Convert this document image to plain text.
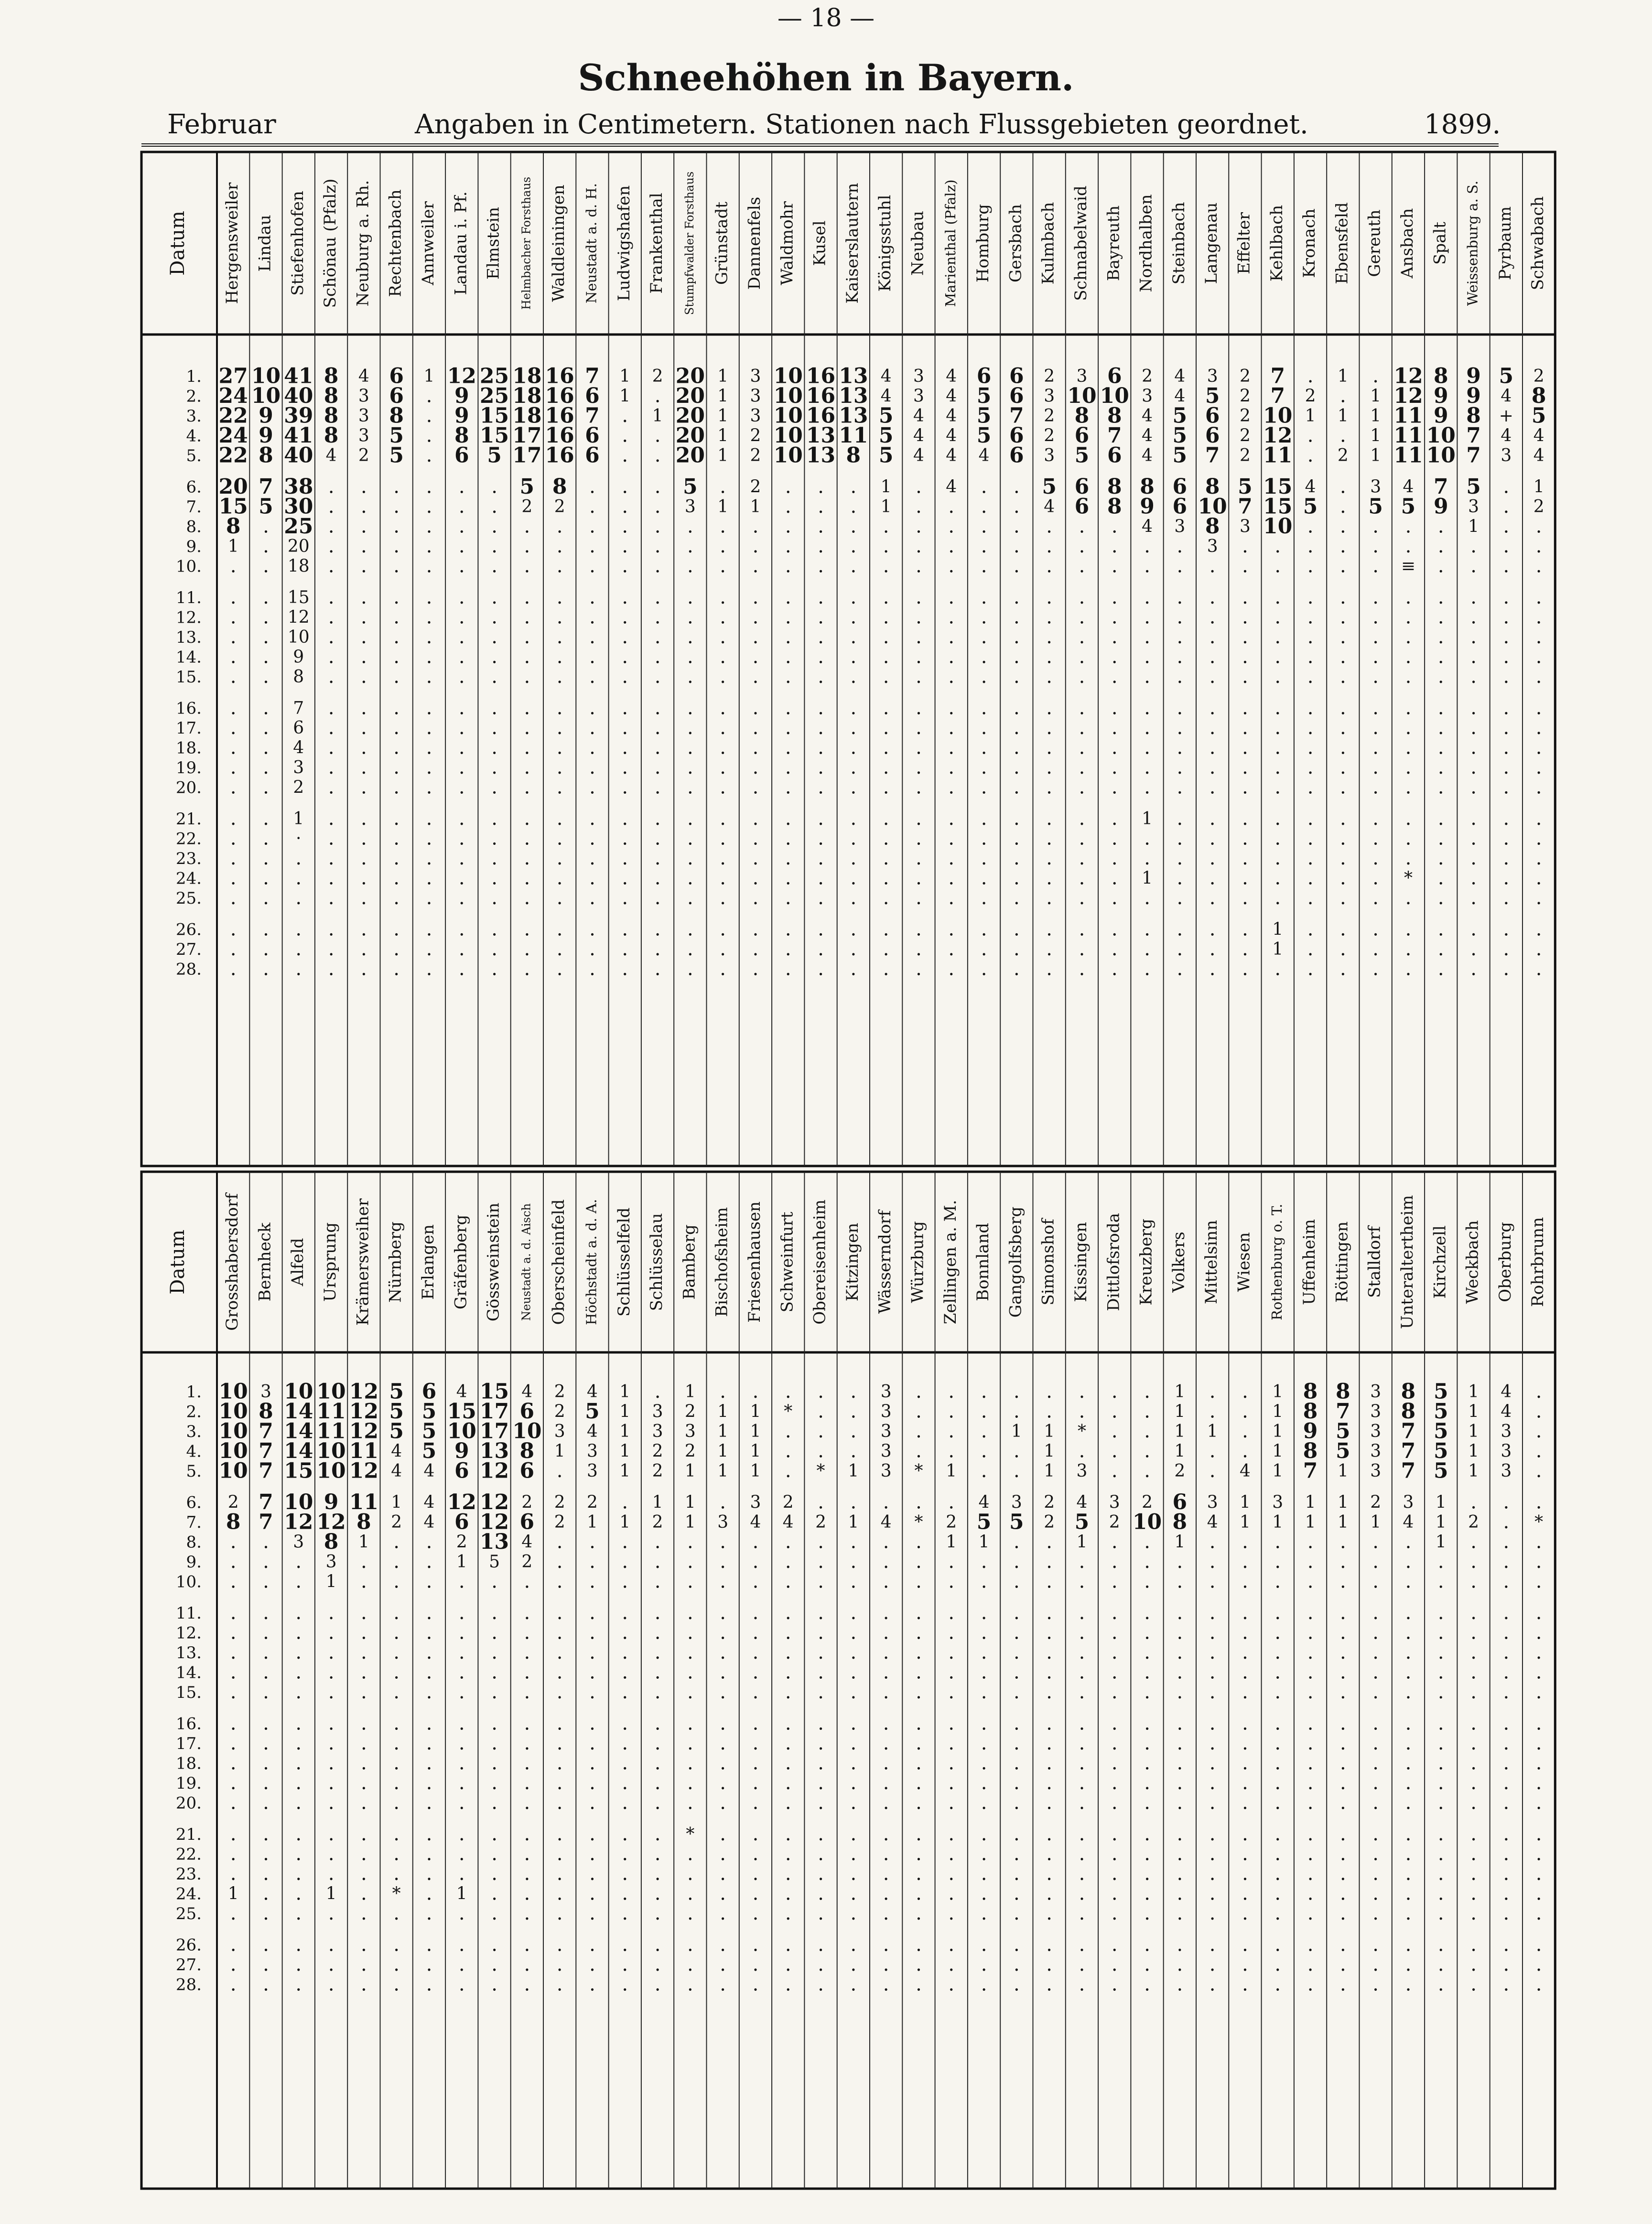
— 18 —
Schneehöhen in Bayern.
Februar	Angaben in Centimetern. Stationen nach Flussgebieten geordnet.	1899.
Datum Hergensweiler Lindau Stiefenhofen Schönau (Pfalz) Neuburg a. Rh. Rechtenbach Annweiler Landau i. Pf. Elmstein Helmbacher Forsthaus Waldleiningen Neustadt a. d. H. Ludwigshafen Frankenthal Stumpfwalder Forsthaus Grünstadt Dannenfels Waldmohr Kusel Kaiserslautern Königsstuhl Neubau Marienthal (Pfalz) Homburg Gersbach Kulmbach Schnabelwaid Bayreuth Nordhalben Steinbach Langenau Effelter Kehlbach Kronach Ebensfeld Gereuth Ansbach Spalt Weissenburg a. S. Pyrbaum Schwabach
1. 27 10 41 8 4 6 1 12 25 18 16 7 1 2 20 1 3 10 16 13 4 3 4 6 6 2 3 6 2 4 3 2 7 . 1 . 12 8 9 5 2
2. 24 10 40 8 3 6 . 9 25 18 16 6 1 . 20 1 3 10 16 13 4 3 4 5 6 3 10 10 3 4 5 2 7 2 . 1 12 9 9 4 8
3. 22 9 39 8 3 8 . 9 15 18 16 7 . 1 20 1 3 10 16 13 5 4 4 5 7 2 8 8 4 5 6 2 10 1 1 1 11 9 8 + 5
4. 24 9 41 8 3 5 . 8 15 17 16 6 . . 20 1 2 10 13 11 5 4 4 5 6 2 6 7 4 5 6 2 12 . . 1 11 10 7 4 4
5. 22 8 40 4 2 5 . 6 5 17 16 6 . . 20 1 2 10 13 8 5 4 4 4 6 3 5 6 4 5 7 2 11 . 2 1 11 10 7 3 4
6. 20 7 38 . . . . . . 5 8 . . . 5 . 2 . . . 1 . 4 . . 5 6 8 8 6 8 5 15 4 . 3 4 7 5 . 1
7. 15 5 30 . . . . . . 2 2 . . . 3 1 1 . . . 1 . . . . 4 6 8 9 6 10 7 15 5 . 5 5 9 3 . 2
8. 8 . 25 . . . . . . . . . . . . . . . . . . . . . . . . . 4 3 8 3 10 . . . . . 1 . .
9. 1 . 20 . . . . . . . . . . . . . . . . . . . . . . . . . . . 3 . . . . . . . . . .
10. . . 18 . . . . . . . . . . . . . . . . . . . . . . . . . . . . . . . . . ≡ . . . .
11. . . 15 . . . . . . . . . . . . . . . . . . . . . . . . . . . . . . . . . . . . . .
12. . . 12 . . . . . . . . . . . . . . . . . . . . . . . . . . . . . . . . . . . . . .
13. . . 10 . . . . . . . . . . . . . . . . . . . . . . . . . . . . . . . . . . . . . .
14. . . 9 . . . . . . . . . . . . . . . . . . . . . . . . . . . . . . . . . . . . . .
15. . . 8 . . . . . . . . . . . . . . . . . . . . . . . . . . . . . . . . . . . . . .
16. . . 7 . . . . . . . . . . . . . . . . . . . . . . . . . . . . . . . . . . . . . .
17. . . 6 . . . . . . . . . . . . . . . . . . . . . . . . . . . . . . . . . . . . . .
18. . . 4 . . . . . . . . . . . . . . . . . . . . . . . . . . . . . . . . . . . . . .
19. . . 3 . . . . . . . . . . . . . . . . . . . . . . . . . . . . . . . . . . . . . .
20. . . 2 . . . . . . . . . . . . . . . . . . . . . . . . . . . . . . . . . . . . . .
21. . . 1 . . . . . . . . . . . . . . . . . . . . . . . . . 1 . . . . . . . . . . . .
22. . . · . . . . . . . . . . . . . . . . . . . . . . . . . . . . . . . . . . . . . .
23. . . . . . . . . . . . . . . . . . . . . . . . . . . . . . . . . . . . . . . . . .
24. . . . . . . . . . . . . . . . . . . . . . . . . . . . . 1 . . . . . . . * . . . .
25. . . . . . . . . . . . . . . . . . . . . . . . . . . . . . . . . . . . . . . . . .
26. . . . . . . . . . . . . . . . . . . . . . . . . . . . . . . . . 1 . . . . . . . .
27. . . . . . . . . . . . . . . . . . . . . . . . . . . . . . . . . 1 . . . . . . . .
28. . . . . . . . . . . . . . . . . . . . . . . . . . . . . . . . . . . . . . . . . .
Datum Grosshabersdorf Bernheck Alfeld Ursprung Krämersweiher Nürnberg Erlangen Gräfenberg Gössweinstein Neustadt a. d. Aisch Oberscheinfeld Höchstadt a. d. A. Schlüsselfeld Schlüsselau Bamberg Bischofsheim Friesenhausen Schweinfurt Obereisenheim Kitzingen Wässerndorf Würzburg Zellingen a. M. Bonnland Gangolfsberg Simonshof Kissingen Dittlofsroda Kreuzberg Volkers Mittelsinn Wiesen Rothenburg o. T. Uffenheim Röttingen Stalldorf Unteraltertheim Kirchzell Weckbach Oberburg Rohrbrunn
1. 10 3 10 10 12 5 6 4 15 4 2 4 1 . 1 . . . . . 3 . . . . . . . . 1 . . 1 8 8 3 8 5 1 4 .
2. 10 8 14 11 12 5 5 15 17 6 2 5 1 3 2 1 1 * . . 3 . . . . . . . . 1 . . 1 8 7 3 8 5 1 4 .
3. 10 7 14 11 12 5 5 10 17 10 3 4 1 3 3 1 1 . . . 3 . . . 1 1 * . . 1 1 . 1 9 5 3 7 5 1 3 .
4. 10 7 14 10 11 4 5 9 13 8 1 3 1 2 2 1 1 . . . 3 . . . . 1 . . . 1 . . 1 8 5 3 7 5 1 3 .
5. 10 7 15 10 12 4 4 6 12 6 . 3 1 2 1 1 1 . * 1 3 * 1 . . 1 3 . . 2 . 4 1 7 1 3 7 5 1 3 .
6. 2 7 10 9 11 1 4 12 12 2 2 2 . 1 1 . 3 2 . . . . . 4 3 2 4 3 2 6 3 1 3 1 1 2 3 1 . . .
7. 8 7 12 12 8 2 4 6 12 6 2 1 1 2 1 3 4 4 2 1 4 * 2 5 5 2 5 2 10 8 4 1 1 1 1 1 4 1 2 . *
8. . . 3 8 1 . . 2 13 4 . . . . . . . . . . . . 1 1 . . 1 . . 1 . . . . . . . 1 . . .
9. . . . 3 . . . 1 5 2 . . . . . . . . . . . . . . . . . . . . . . . . . . . . . . .
10. . . . 1 . . . . . . . . . . . . . . . . . . . . . . . . . . . . . . . . . . . . .
11. . . . . . . . . . . . . . . . . . . . . . . . . . . . . . . . . . . . . . . . . .
12. . . . . . . . . . . . . . . . . . . . . . . . . . . . . . . . . . . . . . . . . .
13. . . . . . . . . . . . . . . . . . . . . . . . . . . . . . . . . . . . . . . . . .
14. . . . . . . . . . . . . . . . . . . . . . . . . . . . . . . . . . . . . . . . . .
15. . . . . . . . . . . . . . . . . . . . . . . . . . . . . . . . . . . . . . . . . .
16. . . . . . . . . . . . . . . . . . . . . . . . . . . . . . . . . . . . . . . . . .
17. . . . . . . . . . . . . . . . . . . . . . . . . . . . . . . . . . . . . . . . . .
18. . . . . . . . . . . . . . . . . . . . . . . . . . . . . . . . . . . . . . . . . .
19. . . . . . . . . . . . . . . . . . . . . . . . . . . . . . . . . . . . . . . . . .
20. . . . . . . . . . . . . . . . . . . . . . . . . . . . . . . . . . . . . . . . . .
21. . . . . . . . . . . . . . . * . . . . . . . . . . . . . . . . . . . . . . . . . .
22. . . . . . . . . . . . . . . . . . . . . . . . . . . . . . . . . . . . . . . . . .
23. . . . . . . . . . . . . . . . . . . . . . . . . . . . . . . . . . . . . . . . . .
24. 1 . . 1 . * . 1 . . . . . . . . . . . . . . . . . . . . . . . . . . . . . . . . .
25. . . . . . . . . . . . . . . . . . . . . . . . . . . . . . . . . . . . . . . . . .
26. . . . . . . . . . . . . . . . . . . . . . . . . . . . . . . . . . . . . . . . . .
27. . . . . . . . . . . . . . . . . . . . . . . . . . . . . . . . . . . . . . . . . .
28. . . . . . . . . . . . . . . . . . . . . . . . . . . . . . . . . . . . . . . . . .
